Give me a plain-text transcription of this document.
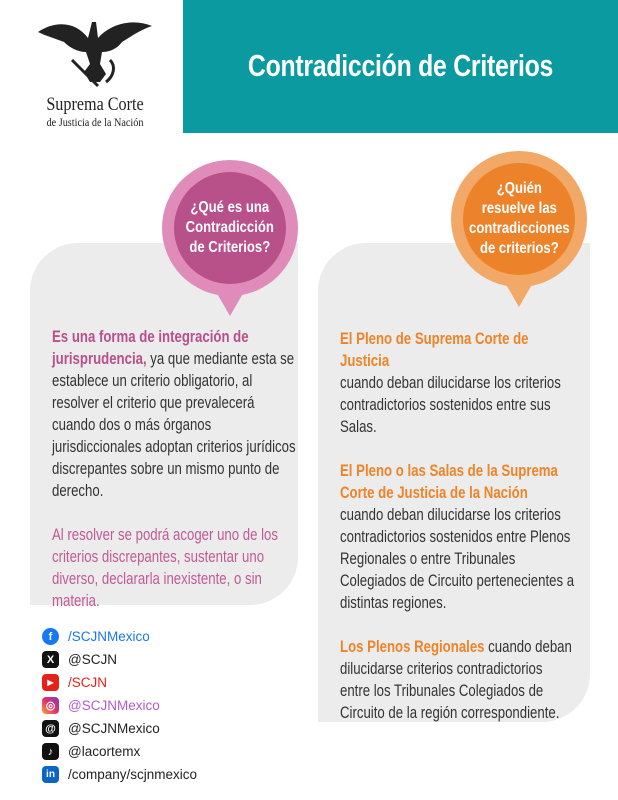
Suprema Corte
de Justicia de la Nación
Contradicción de Criterios
¿Qué es una
Contradicción
de Criterios?
¿Quién
resuelve las
contradicciones
de criterios?

Es una forma de integración de jurisprudencia, ya que mediante esta se establece un criterio obligatorio, al resolver el criterio que prevalecerá cuando dos o más órganos jurisdiccionales adoptan criterios jurídicos discrepantes sobre un mismo punto de derecho.

Al resolver se podrá acoger uno de los criterios discrepantes, sustentar uno diverso, declararla inexistente, o sin materia.

El Pleno de Suprema Corte de Justicia
cuando deban dilucidarse los criterios contradictorios sostenidos entre sus Salas.

El Pleno o las Salas de la Suprema Corte de Justicia de la Nación
cuando deban dilucidarse los criterios contradictorios sostenidos entre Plenos Regionales o entre Tribunales Colegiados de Circuito pertenecientes a distintas regiones.

Los Plenos Regionales cuando deban dilucidarse criterios contradictorios entre los Tribunales Colegiados de Circuito de la región correspondiente.

f	/SCJNMexico
X	@SCJN
▶	/SCJN
◎ @SCJNMexico
@ @SCJNMexico
♪	@lacortemx
in /company/scjnmexico
